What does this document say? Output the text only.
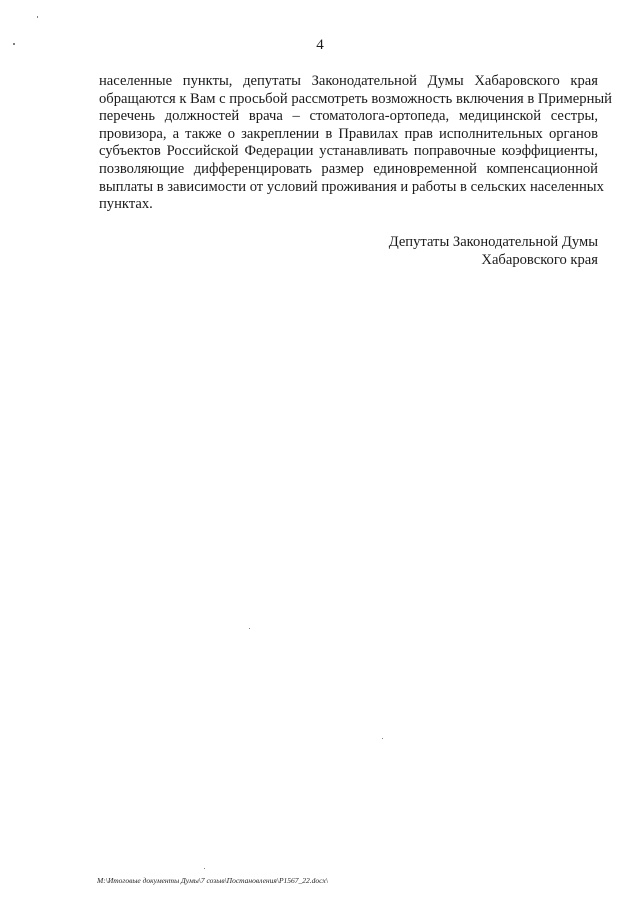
4
населенные пункты, депутаты Законодательной Думы Хабаровского края
обращаются к Вам с просьбой рассмотреть возможность включения в Примерный
перечень должностей врача – стоматолога-ортопеда, медицинской сестры,
провизора, а также о закреплении в Правилах прав исполнительных органов
субъектов Российской Федерации устанавливать поправочные коэффициенты,
позволяющие дифференцировать размер единовременной компенсационной
выплаты в зависимости от условий проживания и работы в сельских населенных
пунктах.
Депутаты Законодательной Думы
Хабаровского края
M:\Итоговые документы Думы\7 созыв\Постановления\P1567_22.docx\
